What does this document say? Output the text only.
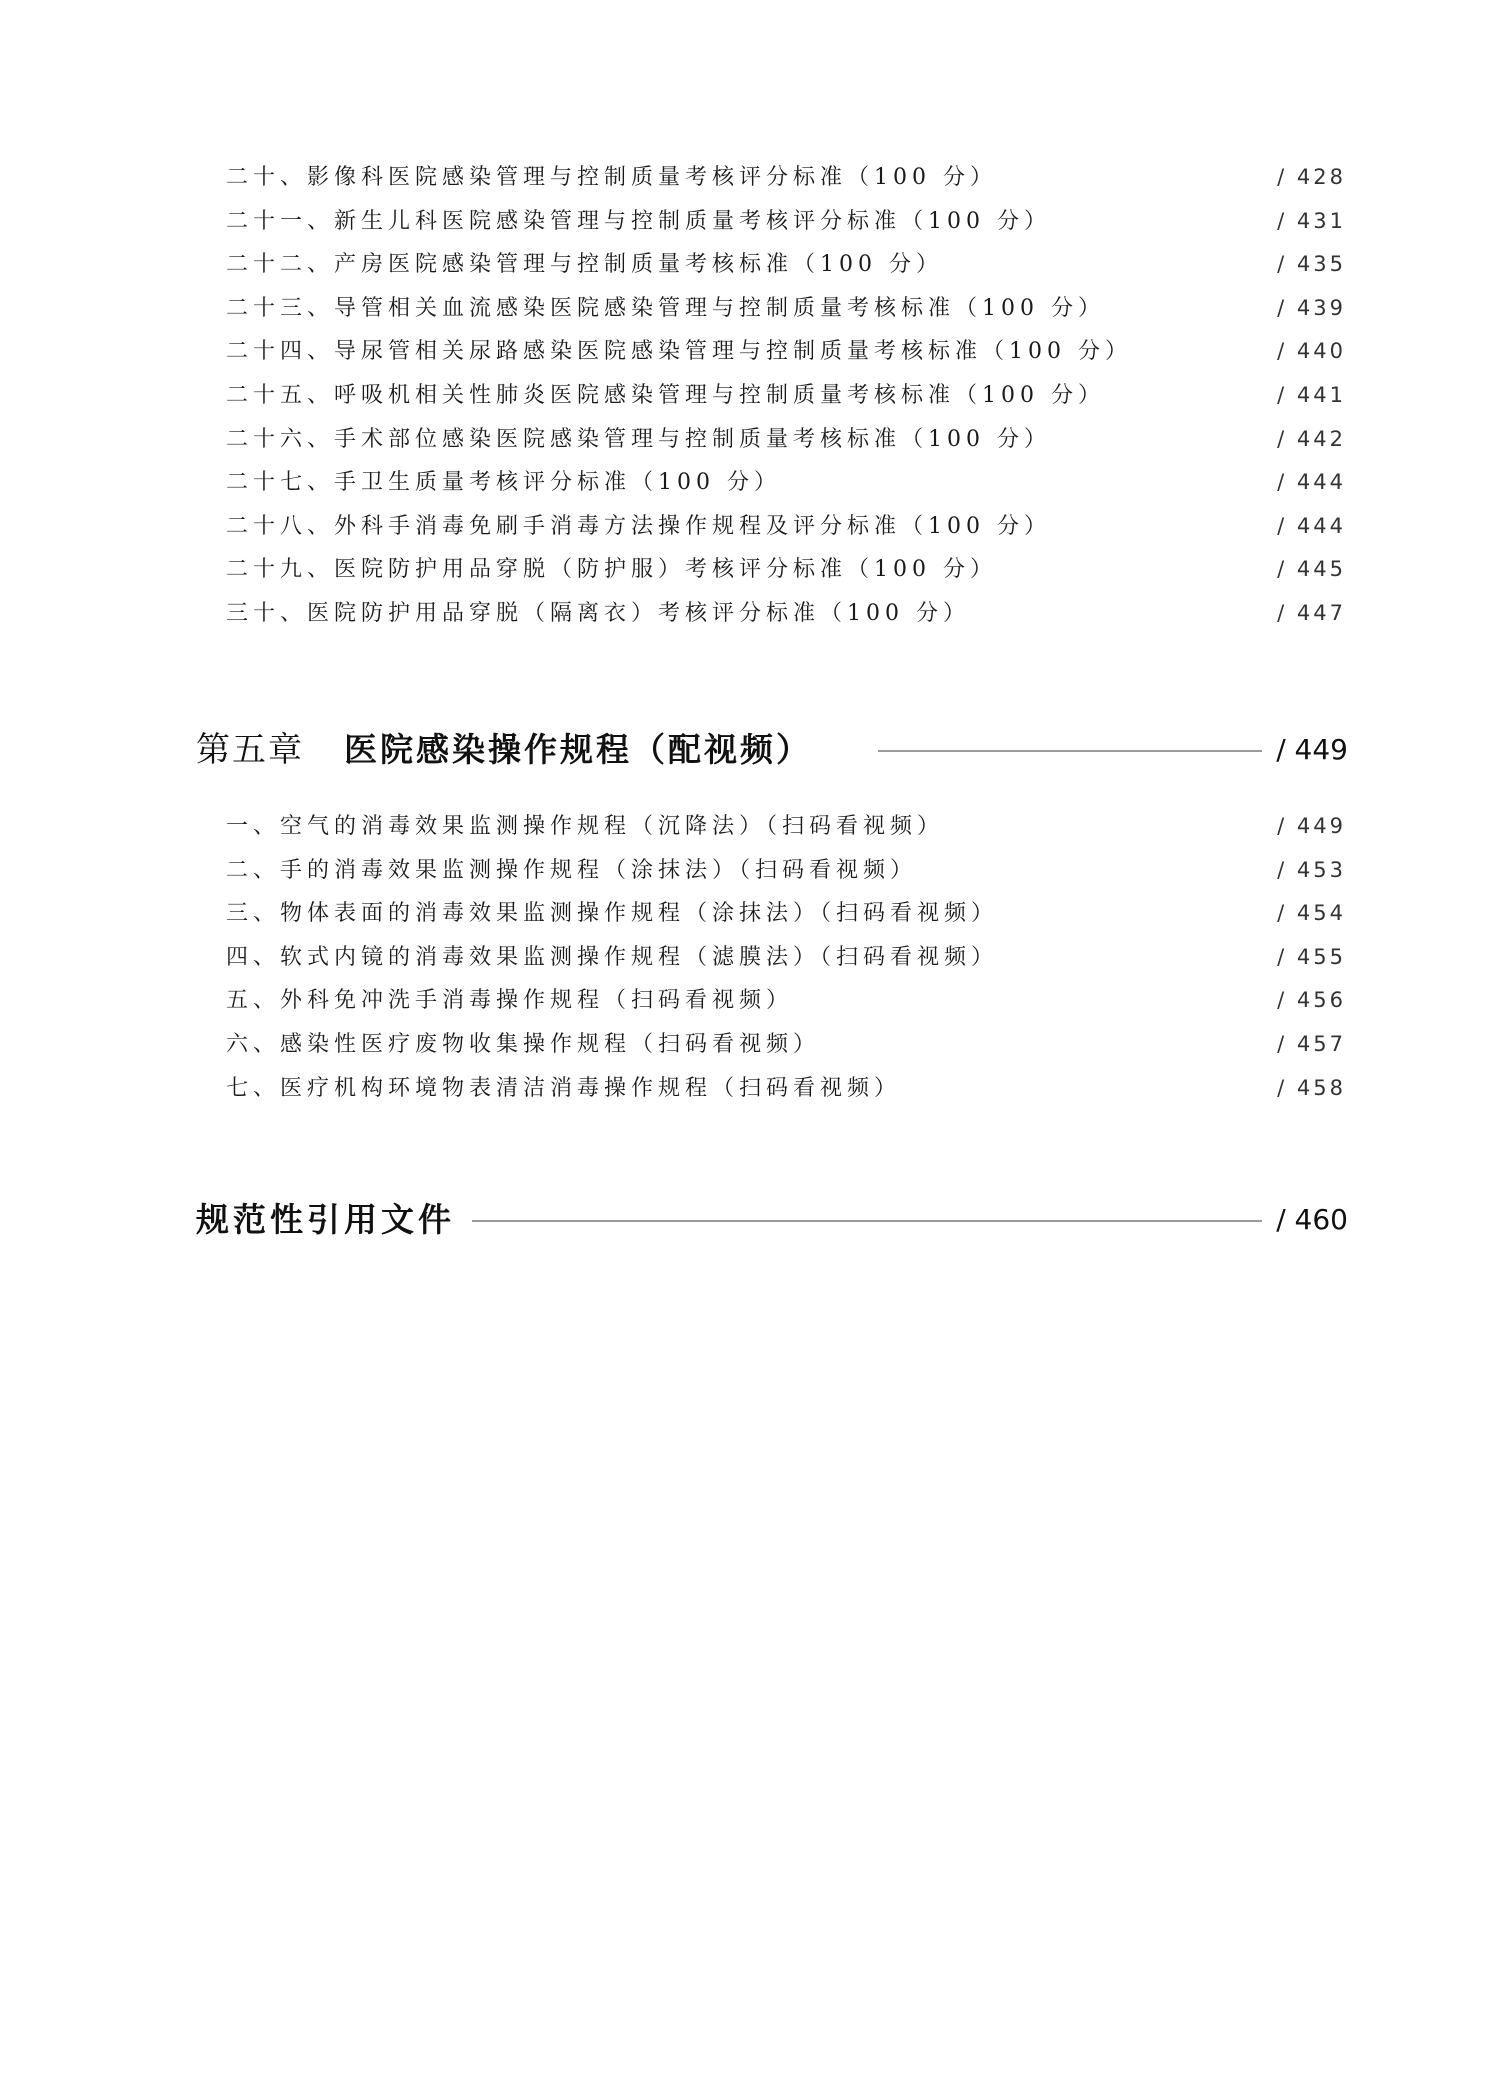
二十、影像科医院感染管理与控制质量考核评分标准（100 分）	/ 428
二十一、新生儿科医院感染管理与控制质量考核评分标准（100 分）	/ 431
二十二、产房医院感染管理与控制质量考核标准（100 分）	/ 435
二十三、导管相关血流感染医院感染管理与控制质量考核标准（100 分）	/ 439
二十四、导尿管相关尿路感染医院感染管理与控制质量考核标准（100 分）	/ 440
二十五、呼吸机相关性肺炎医院感染管理与控制质量考核标准（100 分）	/ 441
二十六、手术部位感染医院感染管理与控制质量考核标准（100 分）	/ 442
二十七、手卫生质量考核评分标准（100 分）	/ 444
二十八、外科手消毒免刷手消毒方法操作规程及评分标准（100 分）	/ 444
二十九、医院防护用品穿脱（防护服）考核评分标准（100 分）	/ 445
三十、医院防护用品穿脱（隔离衣）考核评分标准（100 分）	/ 447
第五章 医院感染操作规程（配视频）	/ 449
一、空气的消毒效果监测操作规程（沉降法）（扫码看视频）	/ 449
二、手的消毒效果监测操作规程（涂抹法）（扫码看视频）	/ 453
三、物体表面的消毒效果监测操作规程（涂抹法）（扫码看视频）	/ 454
四、软式内镜的消毒效果监测操作规程（滤膜法）（扫码看视频）	/ 455
五、外科免冲洗手消毒操作规程（扫码看视频）	/ 456
六、感染性医疗废物收集操作规程（扫码看视频）	/ 457
七、医疗机构环境物表清洁消毒操作规程（扫码看视频）	/ 458
规范性引用文件	/ 460
